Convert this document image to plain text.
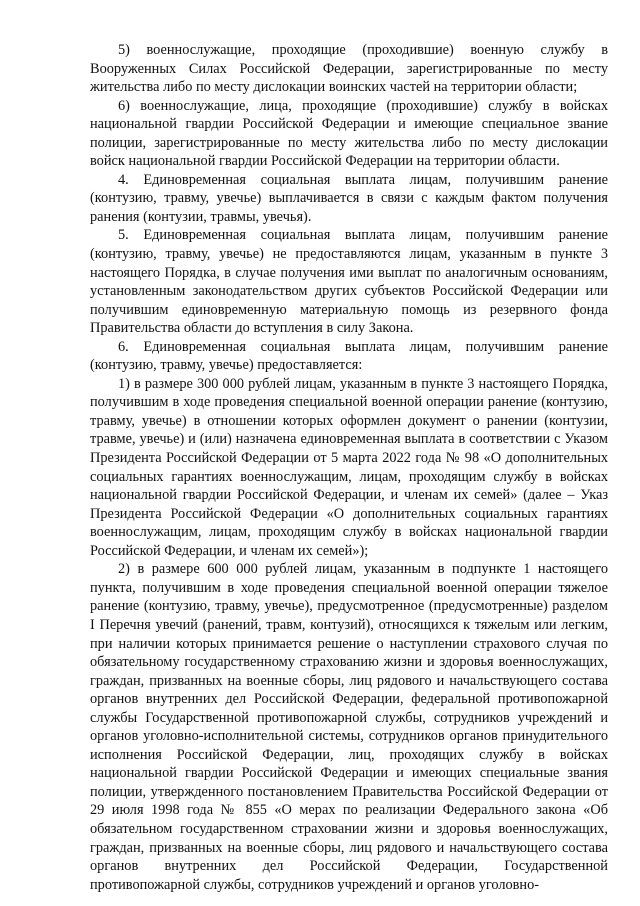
5) военнослужащие, проходящие (проходившие) военную службу в Вооруженных Силах Российской Федерации, зарегистрированные по месту жительства либо по месту дислокации воинских частей на территории области;

6) военнослужащие, лица, проходящие (проходившие) службу в войсках национальной гвардии Российской Федерации и имеющие специальное звание полиции, зарегистрированные по месту жительства либо по месту дислокации войск национальной гвардии Российской Федерации на территории области.

4. Единовременная социальная выплата лицам, получившим ранение (контузию, травму, увечье) выплачивается в связи с каждым фактом получения ранения (контузии, травмы, увечья).

5. Единовременная социальная выплата лицам, получившим ранение (контузию, травму, увечье) не предоставляются лицам, указанным в пункте 3 настоящего Порядка, в случае получения ими выплат по аналогичным основаниям, установленным законодательством других субъектов Российской Федерации или получившим единовременную материальную помощь из резервного фонда Правительства области до вступления в силу Закона.

6. Единовременная социальная выплата лицам, получившим ранение (контузию, травму, увечье) предоставляется:

1) в размере 300 000 рублей лицам, указанным в пункте 3 настоящего Порядка, получившим в ходе проведения специальной военной операции ранение (контузию, травму, увечье) в отношении которых оформлен документ о ранении (контузии, травме, увечье) и (или) назначена единовременная выплата в соответствии с Указом Президента Российской Федерации от 5 марта 2022 года № 98 «О дополнительных социальных гарантиях военнослужащим, лицам, проходящим службу в войсках национальной гвардии Российской Федерации, и членам их семей» (далее – Указ Президента Российской Федерации «О дополнительных социальных гарантиях военнослужащим, лицам, проходящим службу в войсках национальной гвардии Российской Федерации, и членам их семей»);

2) в размере 600 000 рублей лицам, указанным в подпункте 1 настоящего пункта, получившим в ходе проведения специальной военной операции тяжелое ранение (контузию, травму, увечье), предусмотренное (предусмотренные) разделом I Перечня увечий (ранений, травм, контузий), относящихся к тяжелым или легким, при наличии которых принимается решение о наступлении страхового случая по обязательному государственному страхованию жизни и здоровья военнослужащих, граждан, призванных на военные сборы, лиц рядового и начальствующего состава органов внутренних дел Российской Федерации, федеральной противопожарной службы Государственной противопожарной службы, сотрудников учреждений и органов уголовно-исполнительной системы, сотрудников органов принудительного исполнения Российской Федерации, лиц, проходящих службу в войсках национальной гвардии Российской Федерации и имеющих специальные звания полиции, утвержденного постановлением Правительства Российской Федерации от 29 июля 1998 года № 855 «О мерах по реализации Федерального закона «Об обязательном государственном страховании жизни и здоровья военнослужащих, граждан, призванных на военные сборы, лиц рядового и начальствующего состава органов внутренних дел Российской Федерации, Государственной противопожарной службы, сотрудников учреждений и органов уголовно-
